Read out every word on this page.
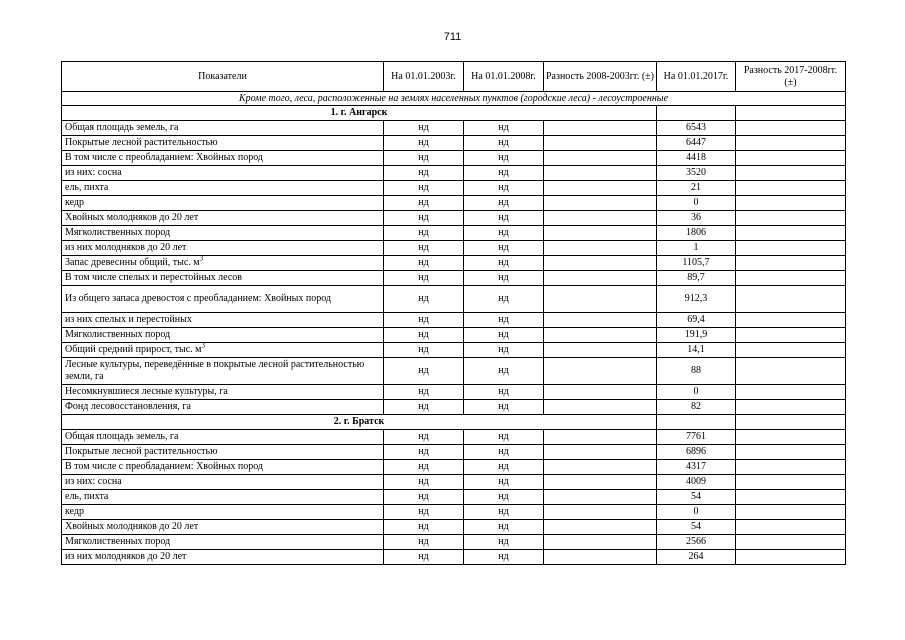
711
Показатели	На 01.01.2003г.	На 01.01.2008г.	Разность 2008-2003гг. (±)	На 01.01.2017г.	Разность 2017-2008гг. (±)
Кроме того, леса, расположенные на землях населенных пунктов (городские леса) - лесоустроенные					
1. г. Ангарск					
Общая площадь земель, га	нд	нд		6543	
Покрытые лесной растительностью	нд	нд		6447	
В том числе с преобладанием: Хвойных пород	нд	нд		4418	
из них: сосна	нд	нд		3520	
ель, пихта	нд	нд		21	
кедр	нд	нд		0	
Хвойных молодняков до 20 лет	нд	нд		36	
Мягколиственных пород	нд	нд		1806	
из них молодняков до 20 лет	нд	нд		1	
Запас древесины общий, тыс. $м^3$	нд	нд		1105,7	
В том числе спелых и перестойных лесов	нд	нд		89,7	
Из общего запаса древостоя с преобладанием: Хвойных пород	нд	нд		912,3	
из них спелых и перестойных	нд	нд		69,4	
Мягколиственных пород	нд	нд		191,9	
Общий средний прирост, тыс. $м^3$	нд	нд		14,1	
Лесные культуры, переведённые в покрытые лесной растительностью земли, га	нд	нд		88	
Несомкнувшиеся лесные культуры, га	нд	нд		0	
Фонд лесовосстановления, га	нд	нд		82	
2. г. Братск					
Общая площадь земель, га	нд	нд		7761	
Покрытые лесной растительностью	нд	нд		6896	
В том числе с преобладанием: Хвойных пород	нд	нд		4317	
из них: сосна	нд	нд		4009	
ель, пихта	нд	нд		54	
кедр	нд	нд		0	
Хвойных молодняков до 20 лет	нд	нд		54	
Мягколиственных пород	нд	нд		2566	
из них молодняков до 20 лет	нд	нд		264	
